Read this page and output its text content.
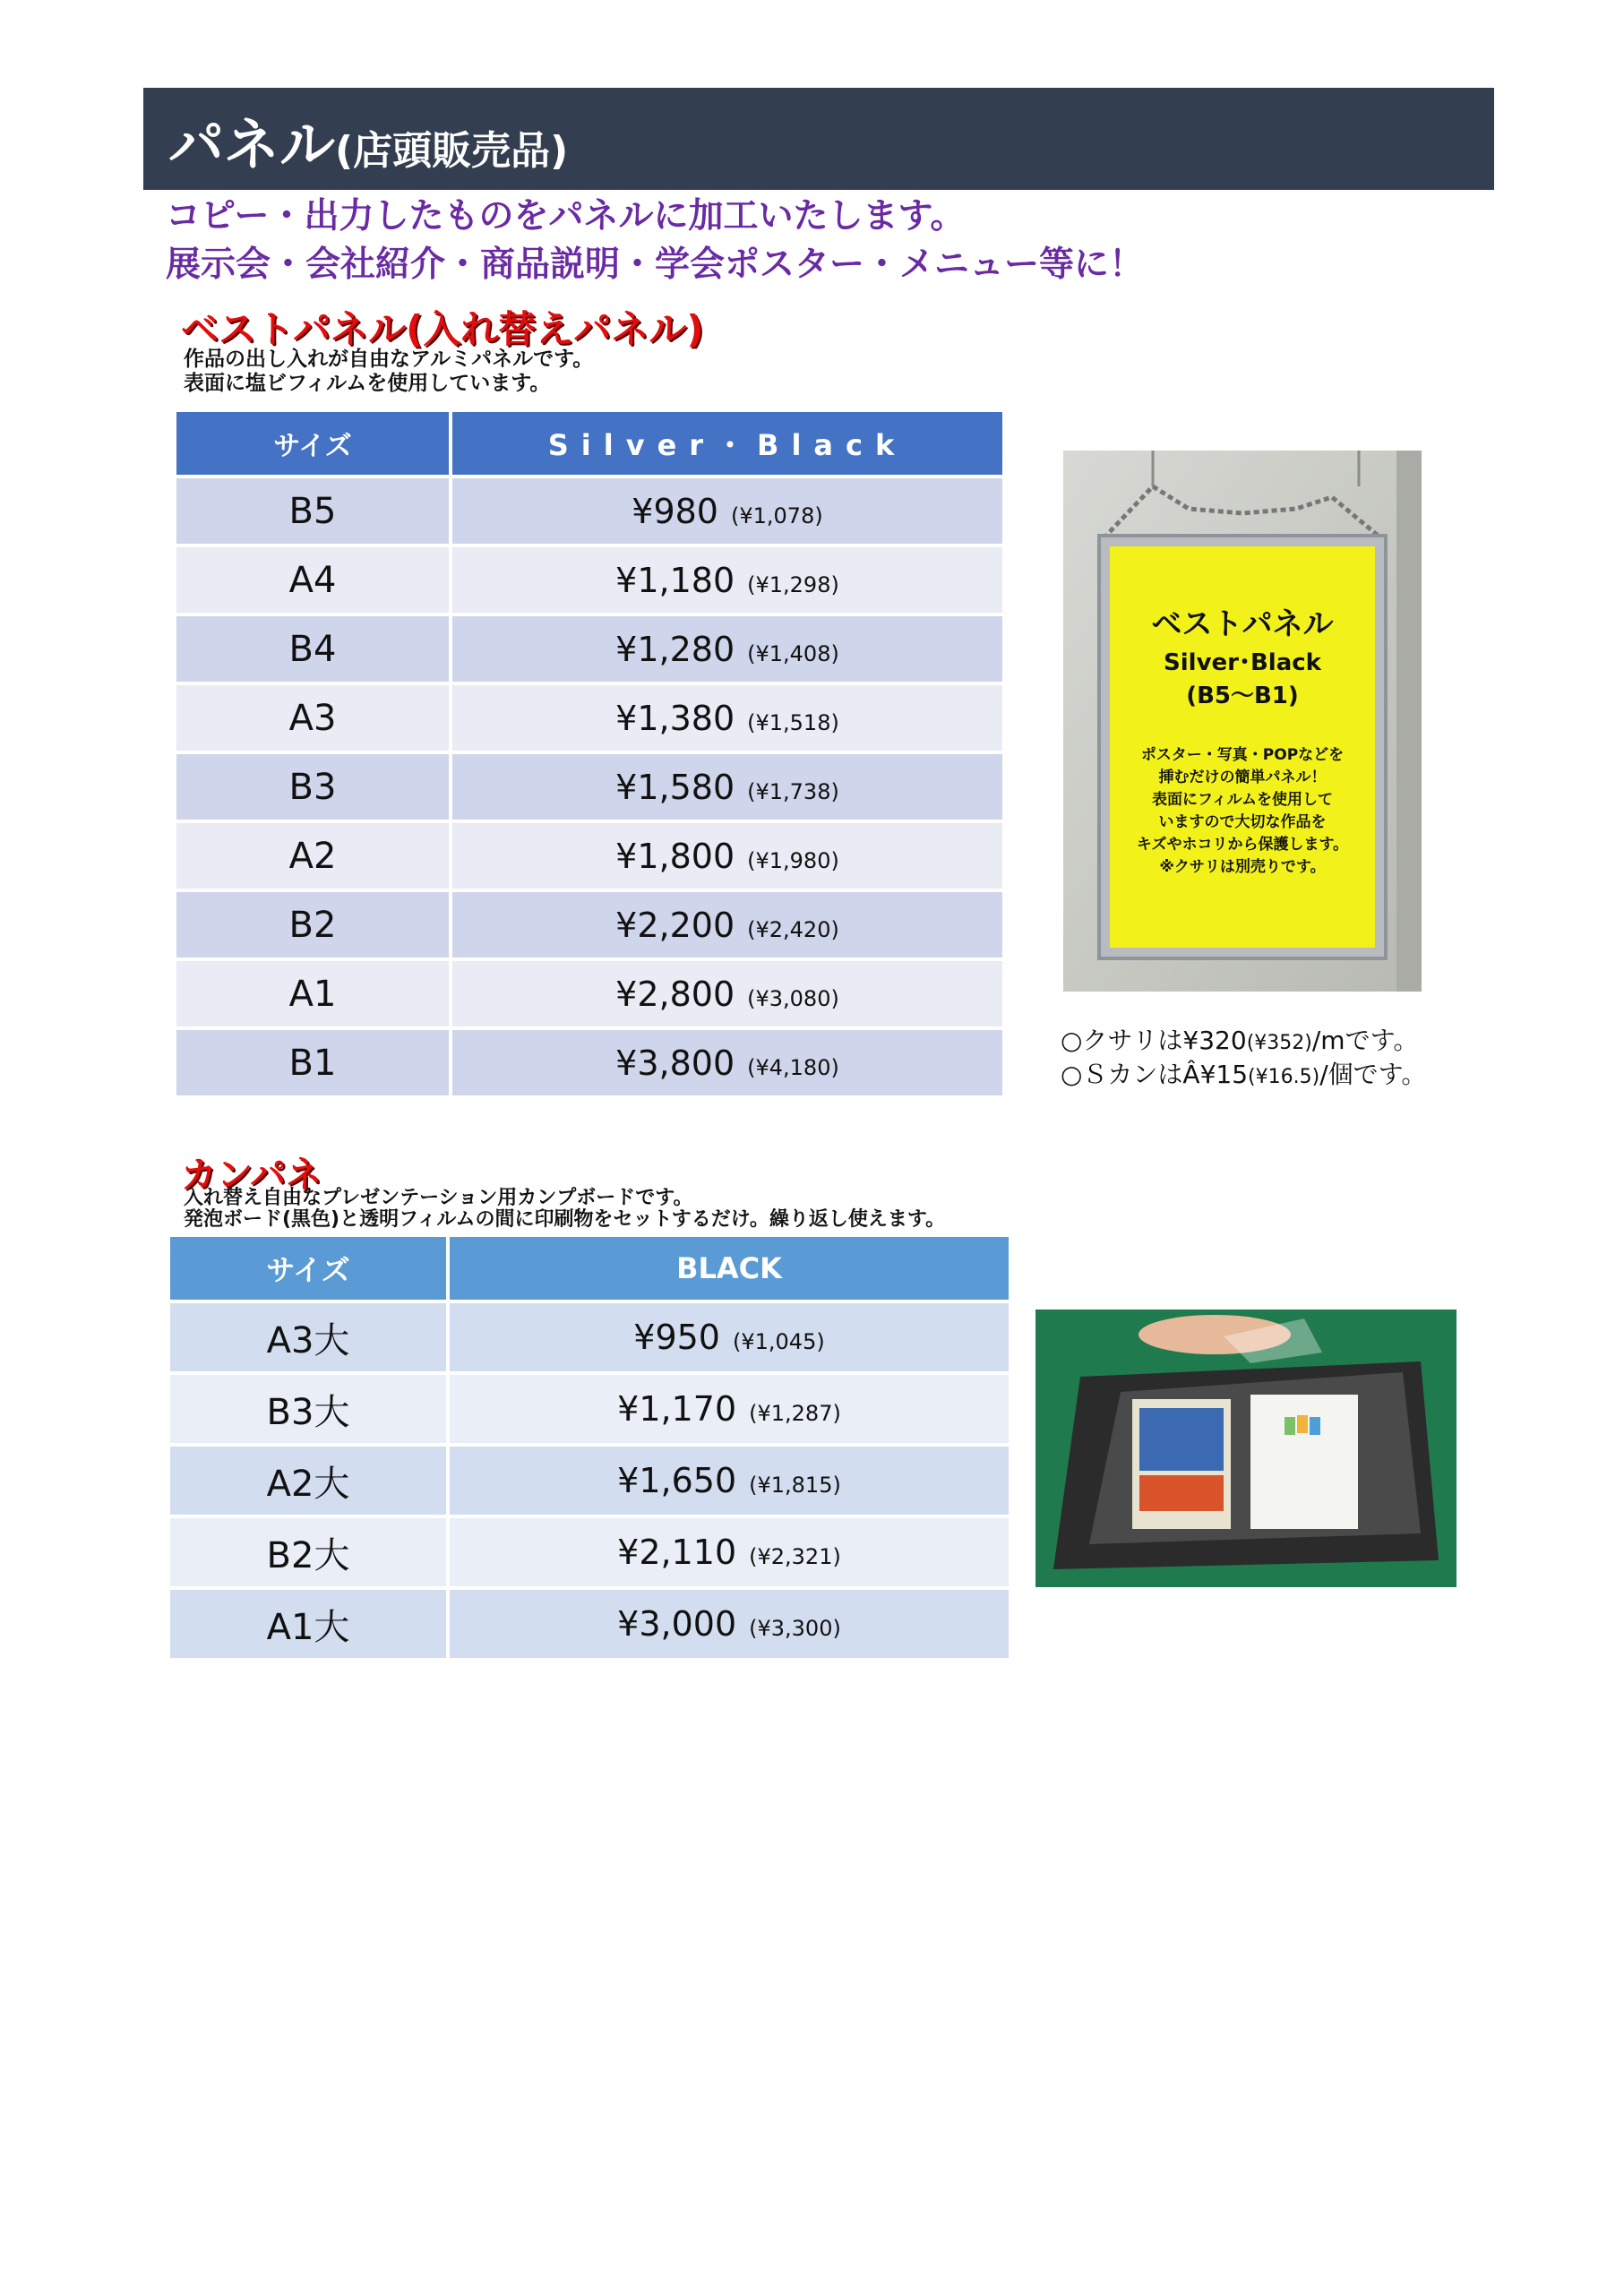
パネル(店頭販売品)
コピー・出力したものをパネルに加工いたします。
展示会・会社紹介・商品説明・学会ポスター・メニュー等に！
ベストパネル(入れ替えパネル)
作品の出し入れが自由なアルミパネルです。
表面に塩ビフィルムを使用しています。
サイズ	Silver・Black
B5	¥980 (¥1,078)
A4	¥1,180 (¥1,298)
B4	¥1,280 (¥1,408)
A3	¥1,380 (¥1,518)
B3	¥1,580 (¥1,738)
A2	¥1,800 (¥1,980)
B2	¥2,200 (¥2,420)
A1	¥2,800 (¥3,080)
B1	¥3,800 (¥4,180)
ベストパネル
Silver･Black
(B5～B1)
ポスター・写真・POPなどを
挿むだけの簡単パネル！
表面にフィルムを使用して
いますので大切な作品を
キズやホコリから保護します。
※クサリは別売りです。
○クサリは¥320(¥352)/mです。
○ＳカンはÂ¥15(¥16.5)/個です。
カンパネ
入れ替え自由なプレゼンテーション用カンプボードです。
発泡ボード(黒色)と透明フィルムの間に印刷物をセットするだけ。繰り返し使えます。
サイズ	BLACK
A3大	¥950 (¥1,045)
B3大	¥1,170 (¥1,287)
A2大	¥1,650 (¥1,815)
B2大	¥2,110 (¥2,321)
A1大	¥3,000 (¥3,300)
